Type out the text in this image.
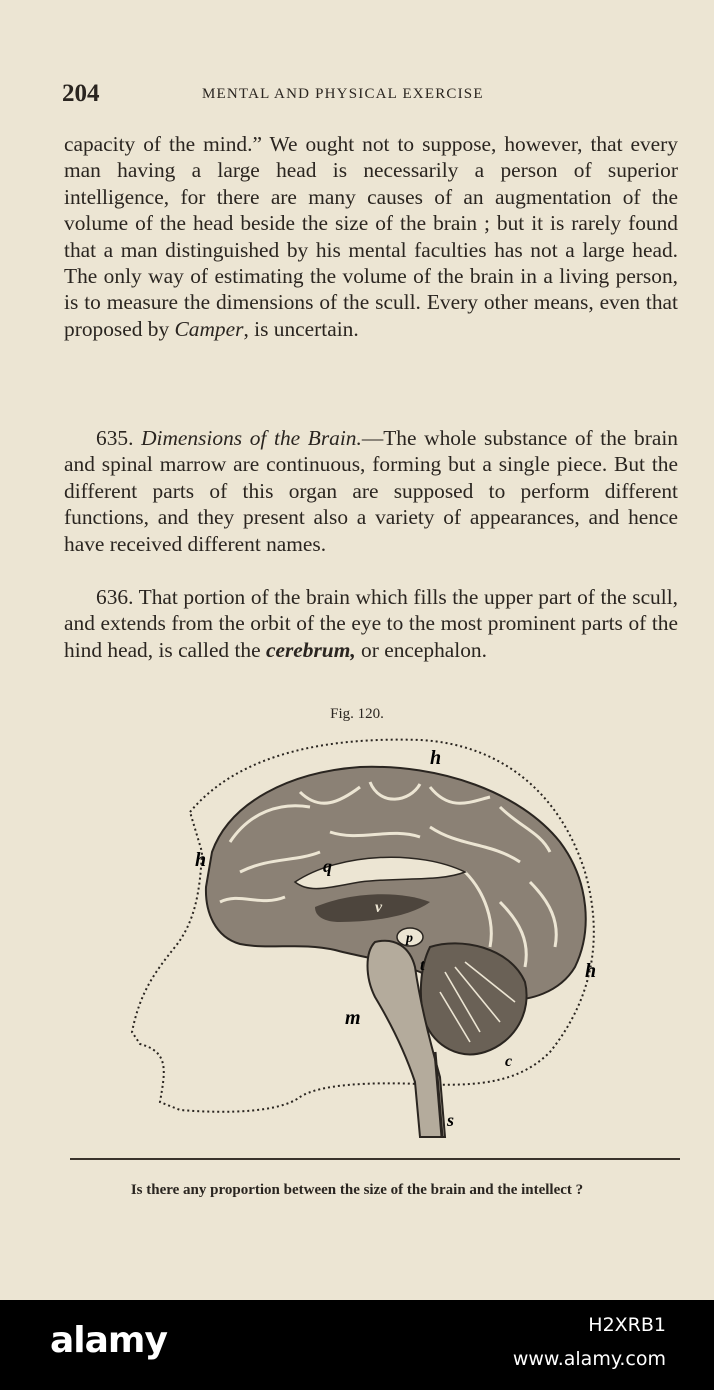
204	MENTAL AND PHYSICAL EXERCISE
capacity of the mind.” We ought not to suppose, however, that every man having a large head is necessarily a person of superior intelligence, for there are many causes of an augmentation of the volume of the head beside the size of the brain ; but it is rarely found that a man distinguished by his mental faculties has not a large head. The only way of estimating the volume of the brain in a living person, is to measure the dimensions of the scull. Every other means, even that proposed by Camper, is uncertain.
635. Dimensions of the Brain.—The whole substance of the brain and spinal marrow are continuous, forming but a single piece. But the different parts of this organ are supposed to perform different functions, and they present also a variety of appearances, and hence have received different names.
636. That portion of the brain which fills the upper part of the scull, and extends from the orbit of the eye to the most prominent parts of the hind head, is called the cerebrum, or encephalon.
Fig. 120.
h
h
h
q
v
p
t
m
c
s
Is there any proportion between the size of the brain and the intellect ?
alamy	H2XRB1
www.alamy.com
